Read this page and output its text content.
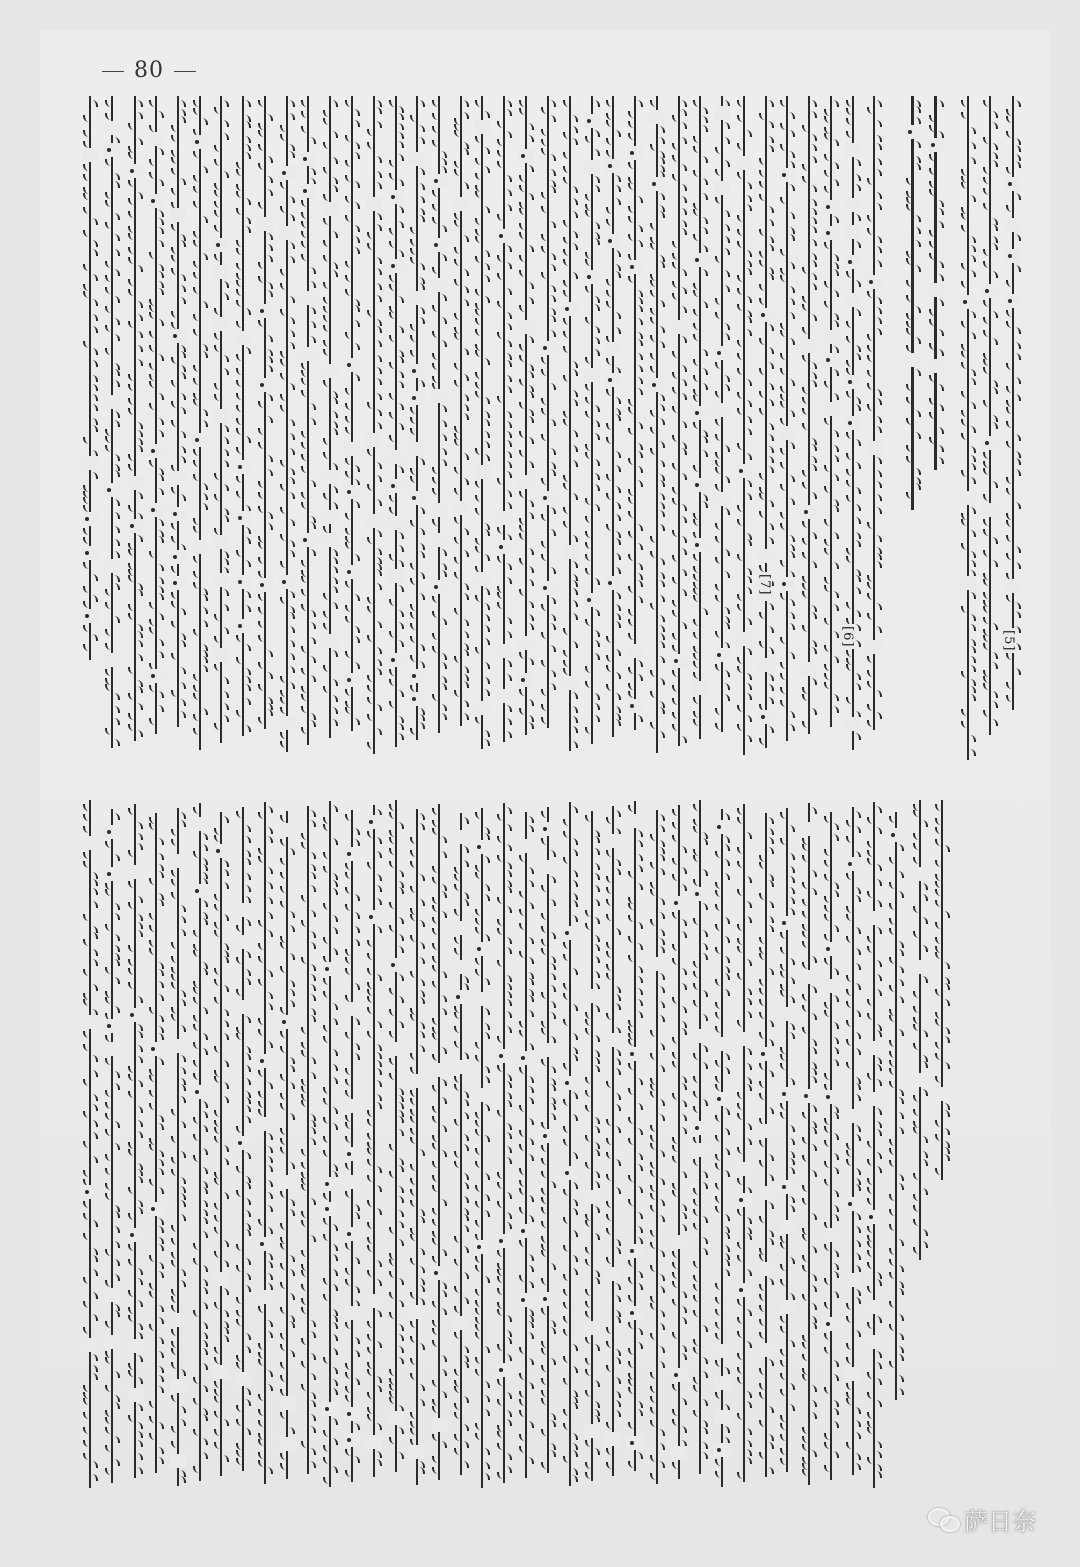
80
[7]
[6]	[5]
萨日奈
